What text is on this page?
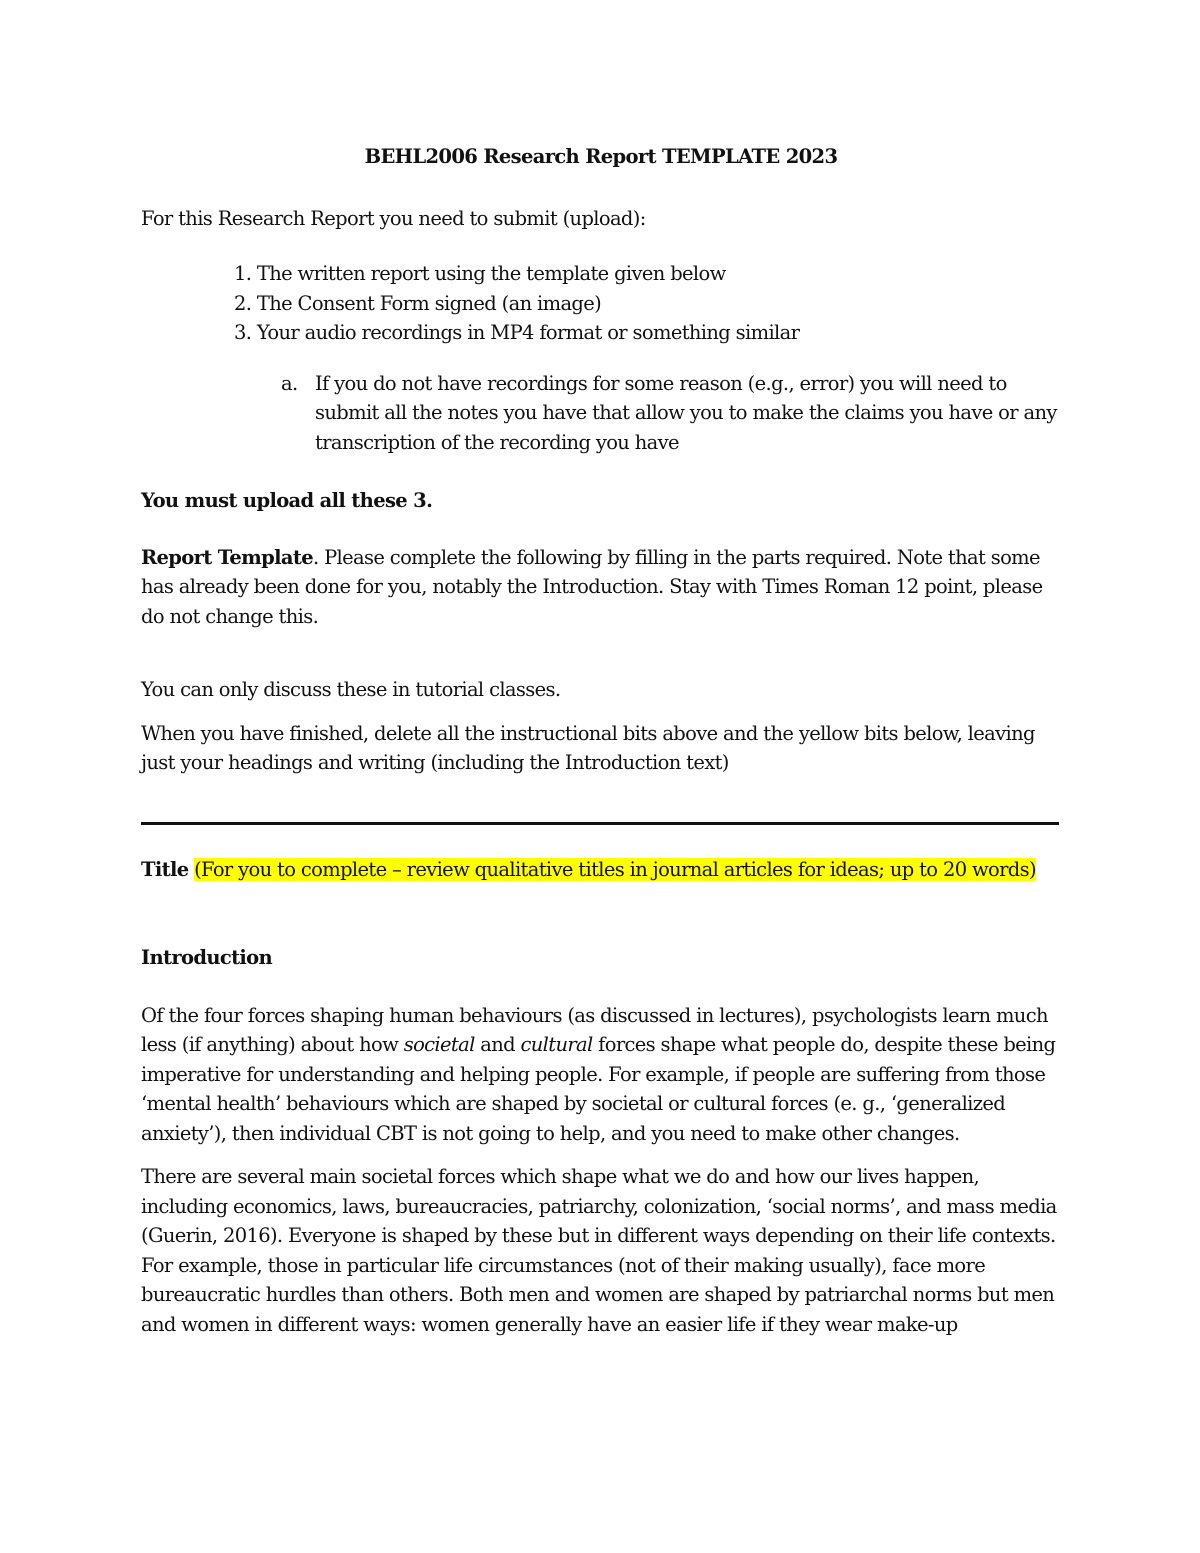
BEHL2006 Research Report TEMPLATE 2023

For this Research Report you need to submit (upload):

1. The written report using the template given below
2. The Consent Form signed (an image)
3. Your audio recordings in MP4 format or something similar
a. If you do not have recordings for some reason (e.g., error) you will need to submit all the notes you have that allow you to make the claims you have or any transcription of the recording you have

You must upload all these 3.

Report Template. Please complete the following by filling in the parts required. Note that some has already been done for you, notably the Introduction. Stay with Times Roman 12 point, please do not change this.

You can only discuss these in tutorial classes.

When you have finished, delete all the instructional bits above and the yellow bits below, leaving just your headings and writing (including the Introduction text)

Title (For you to complete – review qualitative titles in journal articles for ideas; up to 20 words)

Introduction

Of the four forces shaping human behaviours (as discussed in lectures), psychologists learn much less (if anything) about how societal and cultural forces shape what people do, despite these being imperative for understanding and helping people. For example, if people are suffering from those ‘mental health’ behaviours which are shaped by societal or cultural forces (e. g., ‘generalized anxiety’), then individual CBT is not going to help, and you need to make other changes.

There are several main societal forces which shape what we do and how our lives happen, including economics, laws, bureaucracies, patriarchy, colonization, ‘social norms’, and mass media (Guerin, 2016). Everyone is shaped by these but in different ways depending on their life contexts. For example, those in particular life circumstances (not of their making usually), face more bureaucratic hurdles than others. Both men and women are shaped by patriarchal norms but men and women in different ways: women generally have an easier life if they wear make-up
